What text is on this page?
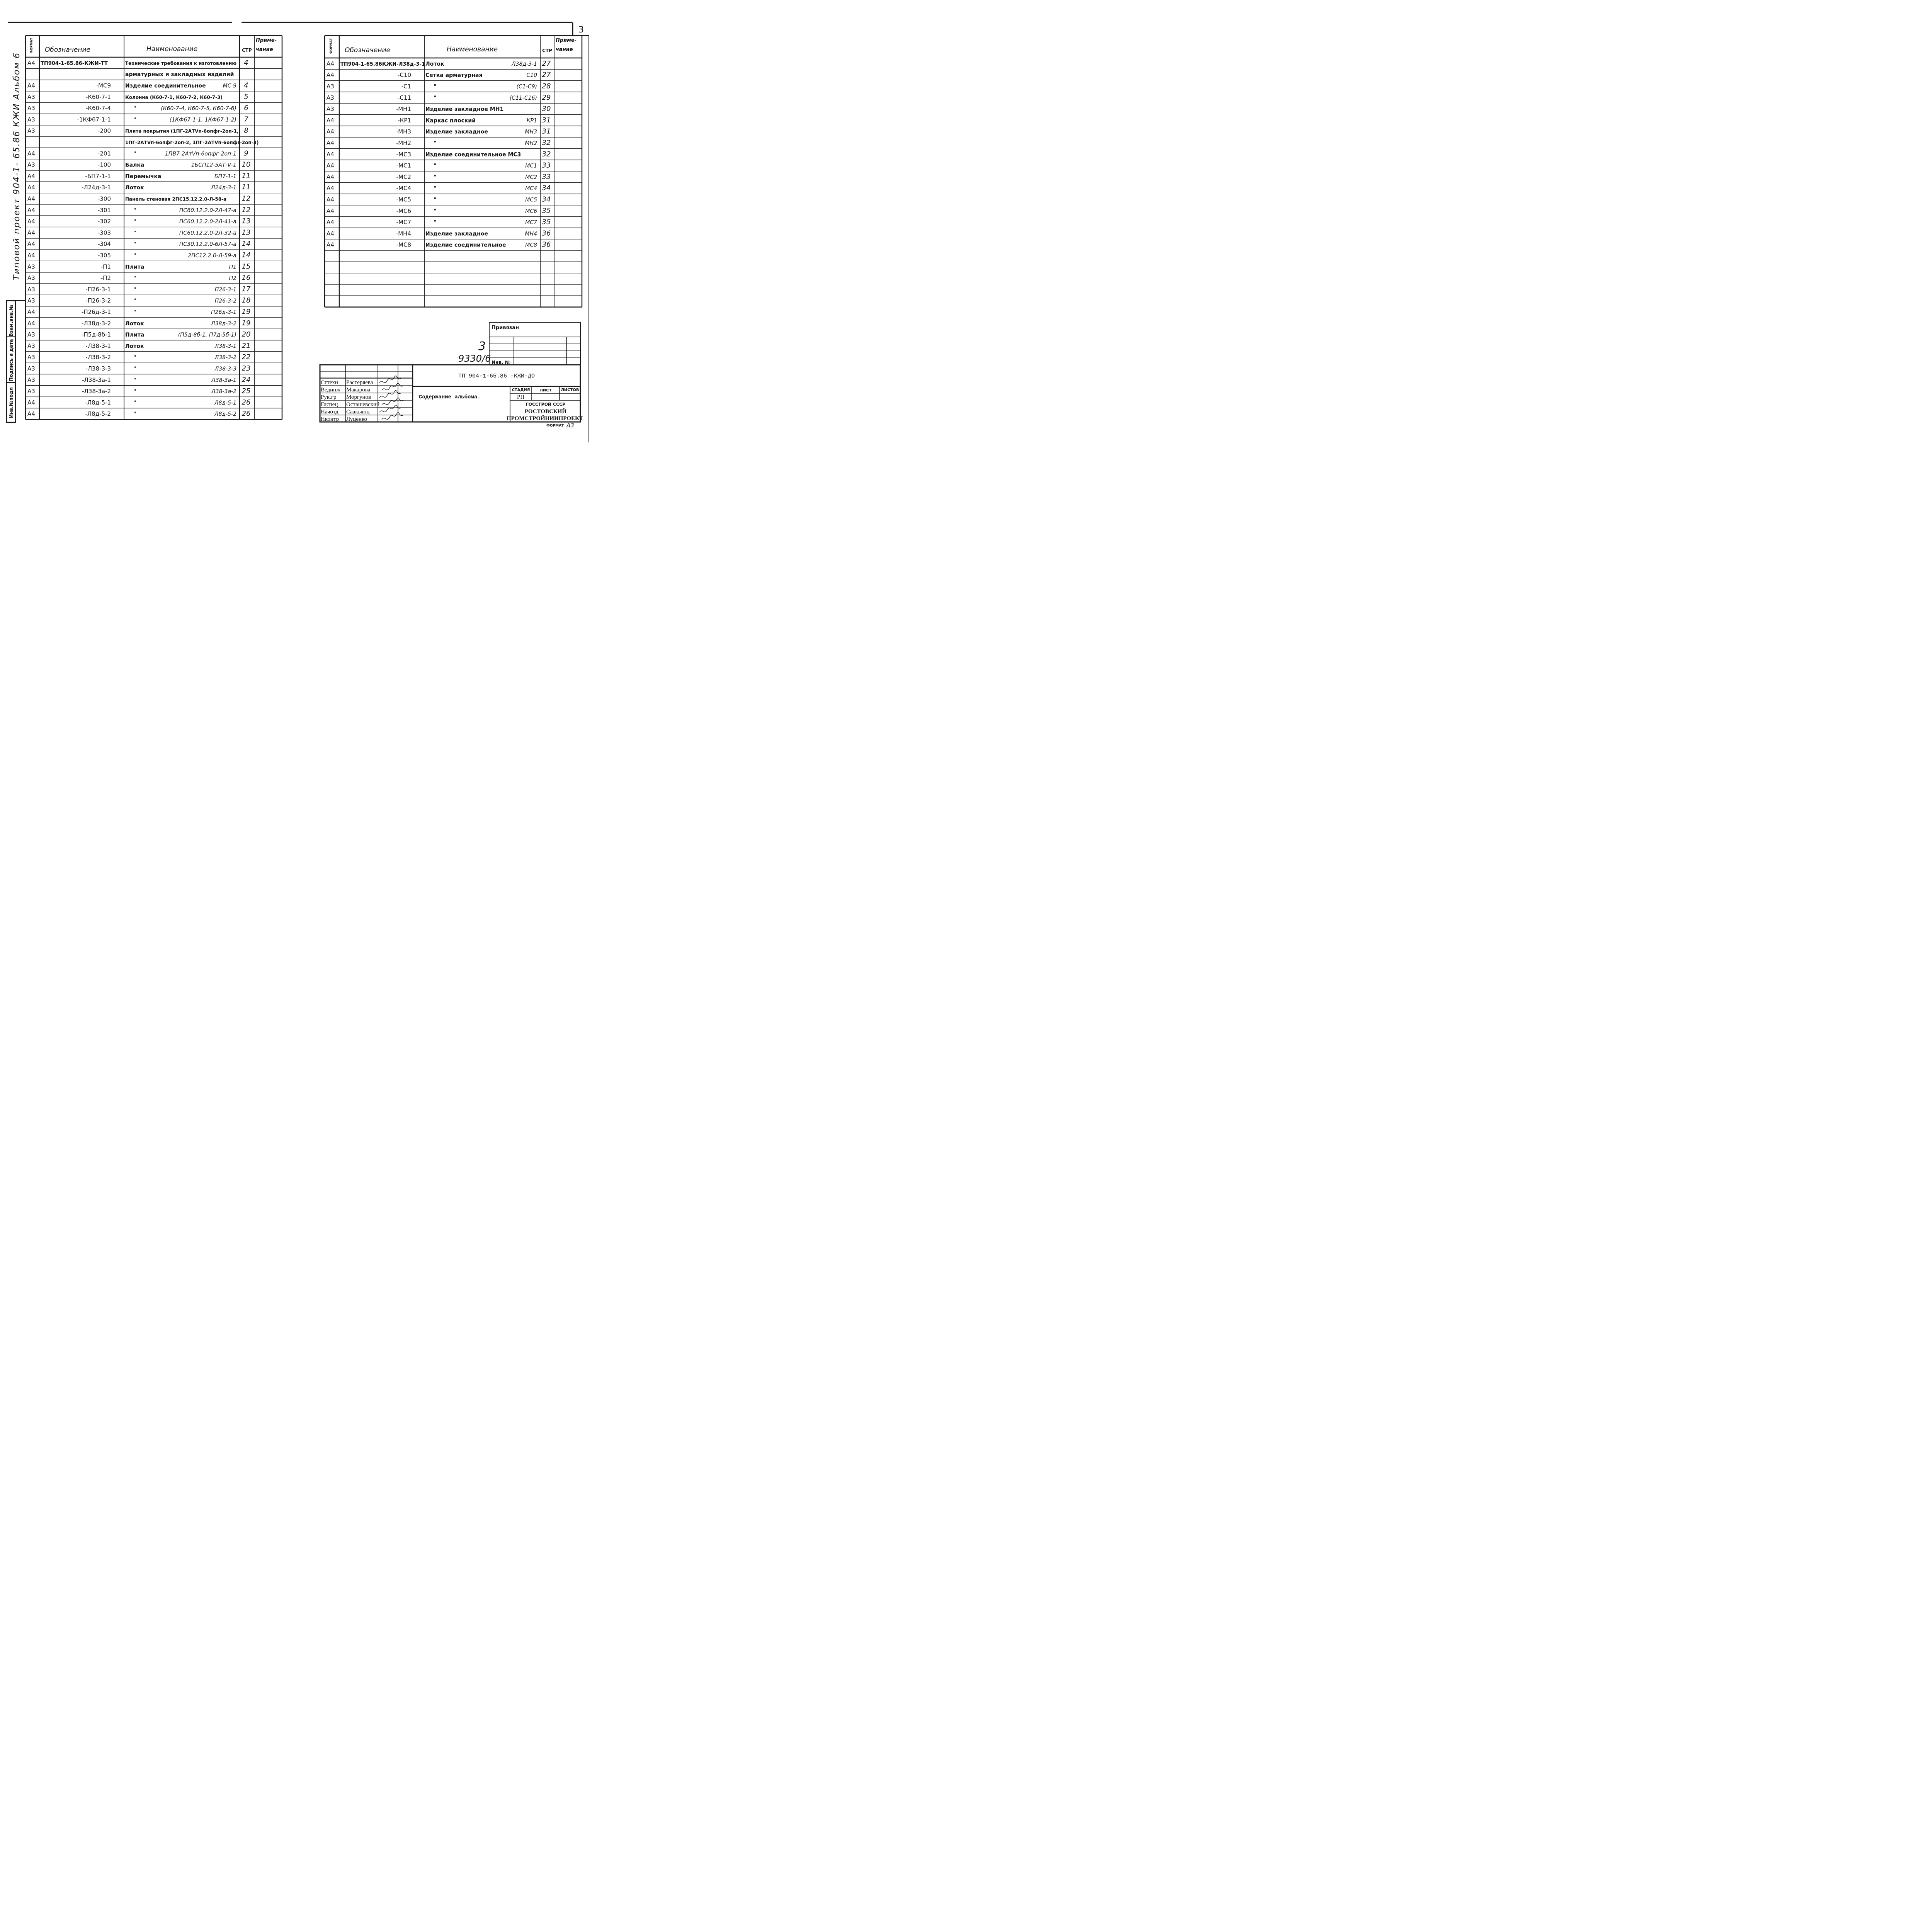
3
Типовой проект 904-1- 65.86 КЖИ Альбом 6
Инв.№подл
Подпись и дата
Взам.инв.№
ФОРМАТ Обозначение	Наименование	СТР
Приме-
чание
А4 ТП904-1-65.86-КЖИ-ТТ	Технические требования к изготовлению 4
арматурных и закладных изделий
А4	-МС9	Изделие соединительное	МС 9 4
А3	-К60-7-1	Колонна (К60-7-1, К60-7-2, К60-7-3)	5
А3	-К60-7-4	"	(К60-7-4, К60-7-5, К60-7-6) 6
А3	-1КФ67-1-1	"	(1КФ67-1-1, 1КФ67-1-2) 7
А3	-200	Плита покрытия (1ПГ-2АТⅤп-6опфг-2оп-1, 8
1ПГ-2АТⅤп-6опфг-2оп-2, 1ПГ-2АТⅤп-6опфг-2оп-3)
А4	-201	"	1ПВ7-2АтⅤп-6опфг-2оп-1 9
А3	-100	Балка	1БСП12-5АТ-Ⅴ-1 10
А4	-БП7-1-1	Перемычка	БП7-1-1 11
А4	-Л24д-3-1	Лоток	Л24д-3-1 11
А4	-300	Панель стеновая 2ПС15.12.2.0-Л-58-а 12
А4	-301	"	ПС60.12.2.0-2Л-47-а 12
А4	-302	"	ПС60.12.2.0-2Л-41-а 13
А4	-303	"	ПС60.12.2.0-2Л-32-а 13
А4	-304	"	ПС30.12.2.0-6Л-57-а 14
А4	-305	"	2ПС12.2.0-Л-59-а 14
А3	-П1	Плита	П1 15
А3	-П2	"	П2 16
А3	-П26-3-1	"	П26-3-1 17
А3	-П26-3-2	"	П26-3-2 18
А4	-П26д-3-1	"	П26д-3-1 19
А4	-Л38д-3-2	Лоток	Л38д-3-2 19
А3	-П5д-8б-1	Плита	(П5д-8б-1, П7д-5б-1) 20
А3	-Л38-3-1	Лоток	Л38-3-1 21
А3	-Л38-3-2	"	Л38-3-2 22
А3	-Л38-3-3	"	Л38-3-3 23
А3	-Л38-3а-1	"	Л38-3а-1 24
А3	-Л38-3а-2	"	Л38-3а-2 25
А4	-Л8д-5-1	"	Л8д-5-1 26
А4	-Л8д-5-2	"	Л8д-5-2 26
ФОРМАТ Обозначение	Наименование	СТР
Приме-
чание
А4 ТП904-1-65.86КЖИ-Л38д-3-1 Лоток	Л38д-3-1 27
А4	-С10	Сетка арматурная	С10 27
А3	-С1	"	(С1-С9) 28
А3	-С11	"	(С11-С16) 29
А3	-МН1	Изделие закладное МН1	30
А4	-КР1	Каркас плоский	КР1 31
А4	-МН3	Изделие закладное	МН3 31
А4	-МН2	"	МН2 32
А4	-МС3	Изделие соединительное МС3	32
А4	-МС1	"	МС1 33
А4	-МС2	"	МС2 33
А4	-МС4	"	МС4 34
А4	-МС5	"	МС5 34
А4	-МС6	"	МС6 35
А4	-МС7	"	МС7 35
А4	-МН4	Изделие закладное	МН4 36
А4	-МС8	Изделие соединительное	МС8 36
Привязан
Инв. №
3
9330/6
ТП 904-1-65.86 -КЖИ-ДО
Содержание альбома.
СТАДИЯ	ЛИСТ ЛИСТОВ
РП
ГОССТРОЙ СССР
РОСТОВСКИЙ
ПРОМСТРОЙНИИПРОЕКТ
Сттехн Растеряева
Вединж Макарова
Рук.гр Моргунов
Глспец Осташевский
Начотд Саакьянц
Нконтр Луценко
ФОРМАТ А3
